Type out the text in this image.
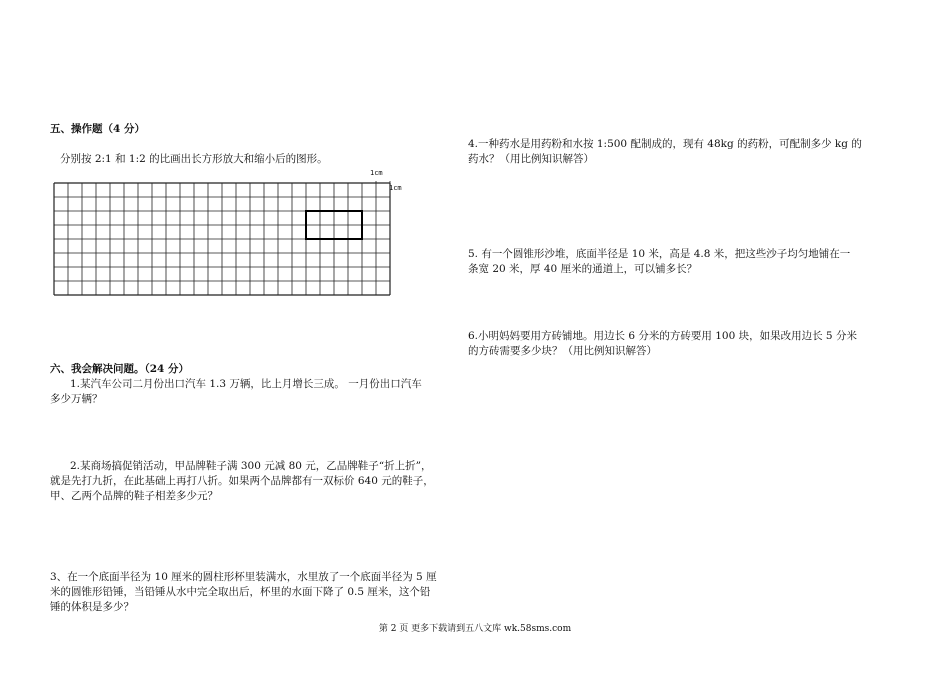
五、操作题（4 分）
分别按 2:1 和 1:2 的比画出长方形放大和缩小后的图形。
1cm
1cm
六、我会解决问题。（24 分）
1.某汽车公司二月份出口汽车 1.3 万辆，比上月增长三成。 一月份出口汽车
多少万辆？
2.某商场搞促销活动，甲品牌鞋子满 300 元减 80 元，乙品牌鞋子“折上折”，
就是先打九折，在此基础上再打八折。如果两个品牌都有一双标价 640 元的鞋子，
甲、乙两个品牌的鞋子相差多少元？
3、在一个底面半径为 10 厘米的圆柱形杯里装满水，水里放了一个底面半径为 5 厘
米的圆锥形铅锤，当铅锤从水中完全取出后，杯里的水面下降了 0.5 厘米，这个铅
锤的体积是多少？
4.一种药水是用药粉和水按 1:500 配制成的，现有 48kg 的药粉，可配制多少 kg 的
药水？（用比例知识解答）
5. 有一个圆锥形沙堆，底面半径是 10 米，高是 4.8 米，把这些沙子均匀地铺在一
条宽 20 米，厚 40 厘米的通道上，可以铺多长？
6.小明妈妈要用方砖铺地。用边长 6 分米的方砖要用 100 块，如果改用边长 5 分米
的方砖需要多少块？（用比例知识解答）
第 2 页 更多下载请到五八文库 wk.58sms.com
